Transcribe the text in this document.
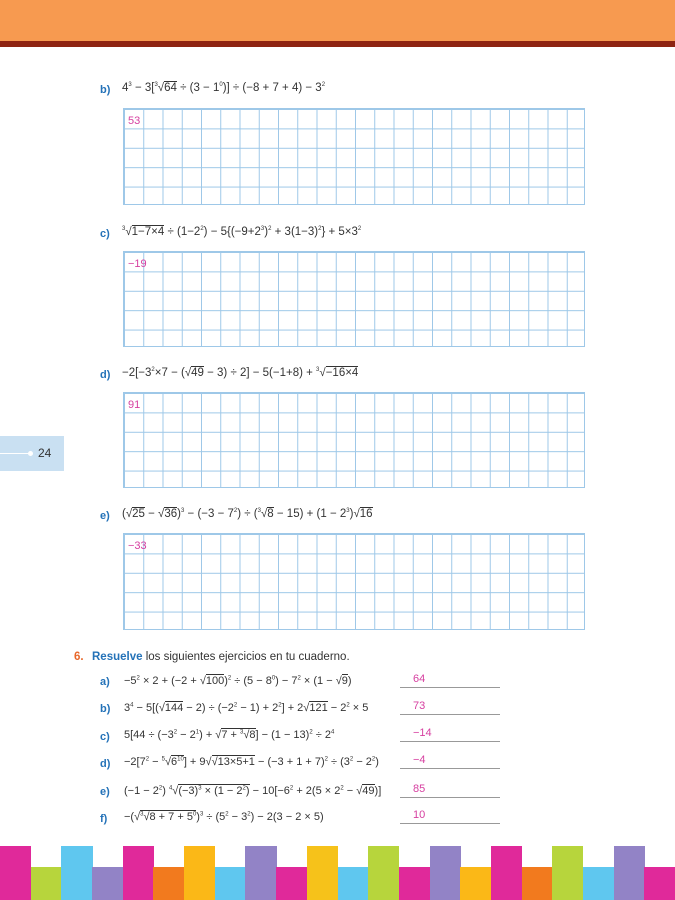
b) $4^3 - 3[^3√64 \div (3 - 1^0)] \div (-8 + 7 + 4) - 3^2$
53
c) $^3√1-7\times 4 \div (1-2^2) - 5\{(-9+2^3)^2 + 3(1-3)^2\} + 5\times 3^2$
−19
$d) -2[-3^2\times 7 - (√49 - 3) \div 2] - 5(-1+8) + ^3√-16\times 4$
91
24
e) $(√25 - √36)^3 - (-3 - 7^2) \div (^3√8 - 15) + (1 - 2^3)√16$
−33
6. Resuelve los siguientes ejercicios en tu cuaderno.
$a) -5^2 \times 2 + (-2 + √100)^2 \div (5 - 8^0) - 7^2 \times (1 - √9)$	64
b) $3^4 - 5[(√144 - 2) \div (-2^2 - 1) + 2^2] + 2√121 - 2^2 \times 5$	73
c) $5[44 \div (-3^2 - 2^1) + √7 + ^3√8] - (1 - 13)^2 \div 2^4$	−14
$d) -2[7^2 - ^5√6^{10}] + 9√√13\times 5+1 - (-3 + 1 + 7)^2 \div (3^2 - 2^2)$	−4
e) $(-1 - 2^2)$ $^4√(-3)^3 \times (1 - 2^2) - 10[-6^2 + 2(5 \times 2^2 - √49)]$	85
$f) -(√^3√8 + 7 + 5^0)^3 \div (5^2 - 3^2) - 2(3 - 2 \times 5)$	10
